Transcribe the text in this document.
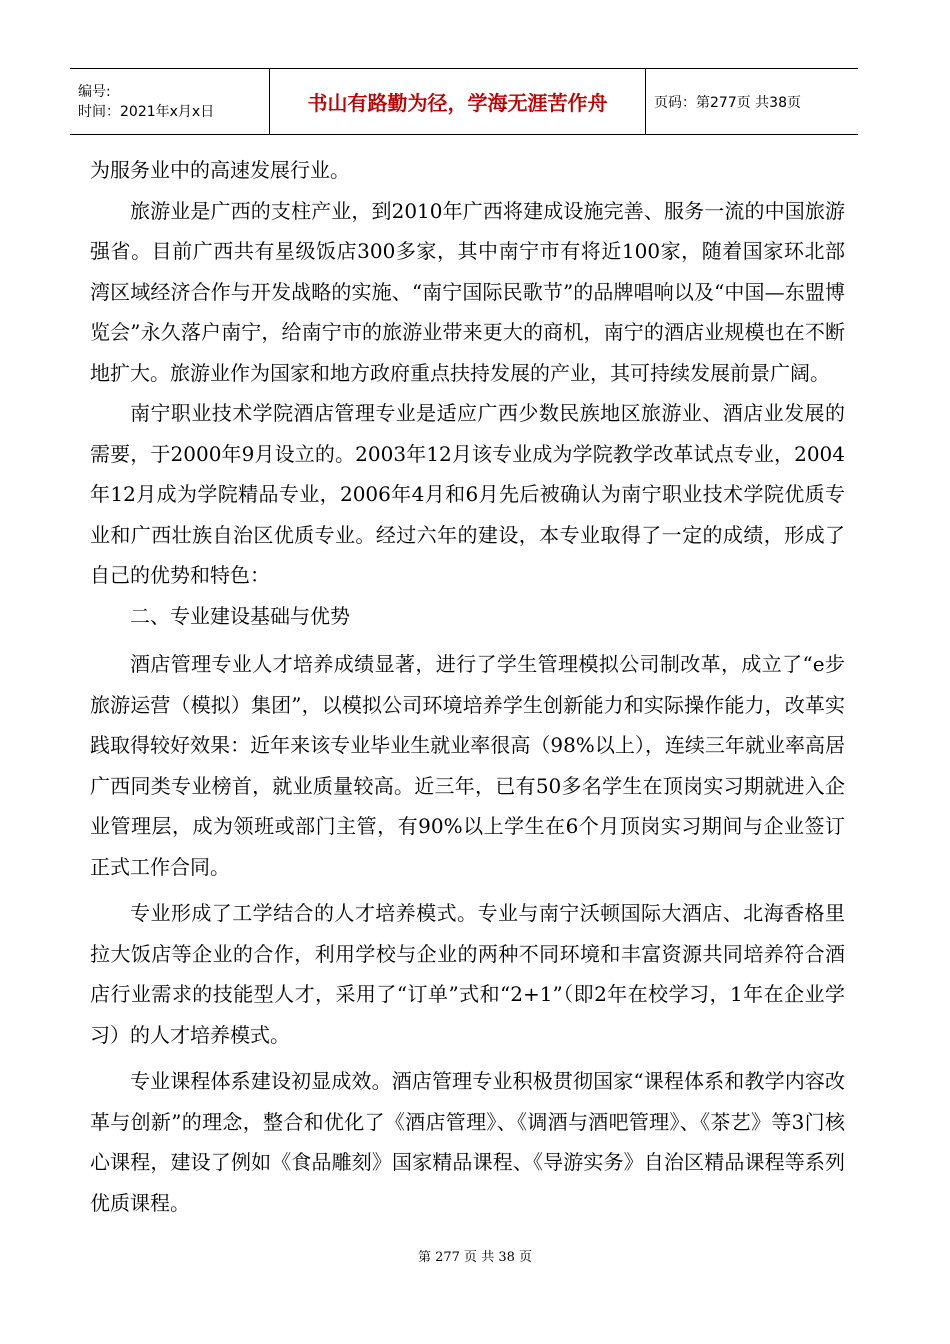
编号:
时间：2021年x月x日	书山有路勤为径，学海无涯苦作舟	页码：第277页 共38页

为服务业中的高速发展行业。

旅游业是广西的支柱产业，到2010年广西将建成设施完善、服务一流的中国旅游强省。目前广西共有星级饭店300多家，其中南宁市有将近100家，随着国家环北部湾区域经济合作与开发战略的实施、“南宁国际民歌节”的品牌唱响以及“中国—东盟博览会”永久落户南宁，给南宁市的旅游业带来更大的商机，南宁的酒店业规模也在不断地扩大。旅游业作为国家和地方政府重点扶持发展的产业，其可持续发展前景广阔。

南宁职业技术学院酒店管理专业是适应广西少数民族地区旅游业、酒店业发展的需要，于2000年9月设立的。2003年12月该专业成为学院教学改革试点专业，2004年12月成为学院精品专业，2006年4月和6月先后被确认为南宁职业技术学院优质专业和广西壮族自治区优质专业。经过六年的建设，本专业取得了一定的成绩，形成了自己的优势和特色：

二、专业建设基础与优势

酒店管理专业人才培养成绩显著，进行了学生管理模拟公司制改革，成立了“e步旅游运营（模拟）集团”，以模拟公司环境培养学生创新能力和实际操作能力，改革实践取得较好效果：近年来该专业毕业生就业率很高（98%以上），连续三年就业率高居广西同类专业榜首，就业质量较高。近三年，已有50多名学生在顶岗实习期就进入企业管理层，成为领班或部门主管，有90%以上学生在6个月顶岗实习期间与企业签订正式工作合同。

专业形成了工学结合的人才培养模式。专业与南宁沃顿国际大酒店、北海香格里拉大饭店等企业的合作，利用学校与企业的两种不同环境和丰富资源共同培养符合酒店行业需求的技能型人才，采用了“订单”式和“2+1”（即2年在校学习，1年在企业学习）的人才培养模式。

专业课程体系建设初显成效。酒店管理专业积极贯彻国家“课程体系和教学内容改革与创新”的理念，整合和优化了《酒店管理》、《调酒与酒吧管理》、《茶艺》等3门核心课程，建设了例如《食品雕刻》国家精品课程、《导游实务》自治区精品课程等系列优质课程。

第 277 页 共 38 页
